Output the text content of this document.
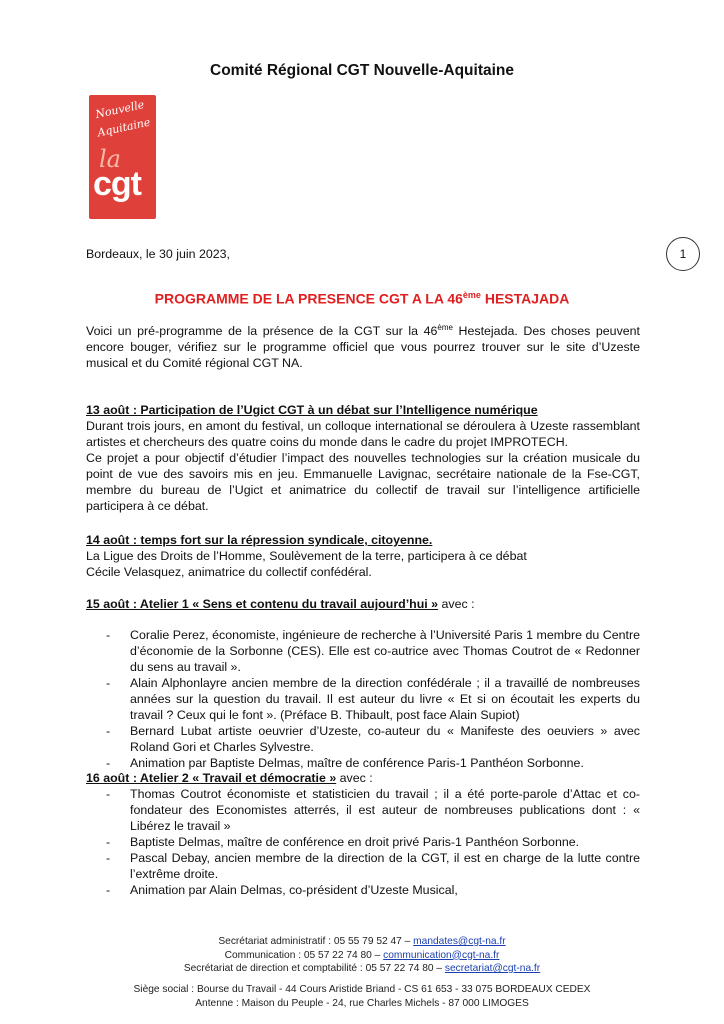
Comité Régional CGT Nouvelle-Aquitaine
Nouvelle
Aquitaine
la
cgt
1
Bordeaux, le 30 juin 2023,
PROGRAMME DE LA PRESENCE CGT A LA 46ème HESTAJADA
Voici un pré-programme de la présence de la CGT sur la 46ème Hestejada. Des choses peuvent encore bouger, vérifiez sur le programme officiel que vous pourrez trouver sur le site d’Uzeste musical et du Comité régional CGT NA.
13 août : Participation de l’Ugict CGT à un débat sur l’Intelligence numérique
Durant trois jours, en amont du festival, un colloque international se déroulera à Uzeste rassemblant artistes et chercheurs des quatre coins du monde dans le cadre du projet IMPROTECH.
Ce projet a pour objectif d’étudier l’impact des nouvelles technologies sur la création musicale du point de vue des savoirs mis en jeu. Emmanuelle Lavignac, secrétaire nationale de la Fse-CGT, membre du bureau de l’Ugict et animatrice du collectif de travail sur l’intelligence artificielle participera à ce débat.
14 août : temps fort sur la répression syndicale, citoyenne.
La Ligue des Droits de l’Homme, Soulèvement de la terre, participera à ce débat
Cécile Velasquez, animatrice du collectif confédéral.
15 août : Atelier 1 « Sens et contenu du travail aujourd’hui » avec :
- Coralie Perez, économiste, ingénieure de recherche à l’Université Paris 1 membre du Centre d’économie de la Sorbonne (CES). Elle est co-autrice avec Thomas Coutrot de « Redonner du sens au travail ».
- Alain Alphonlayre ancien membre de la direction confédérale ; il a travaillé de nombreuses années sur la question du travail. Il est auteur du livre « Et si on écoutait les experts du travail ? Ceux qui le font ». (Préface B. Thibault, post face Alain Supiot)
- Bernard Lubat artiste oeuvrier d’Uzeste, co-auteur du « Manifeste des oeuviers » avec Roland Gori et Charles Sylvestre.
- Animation par Baptiste Delmas, maître de conférence Paris-1 Panthéon Sorbonne.
16 août : Atelier 2 « Travail et démocratie » avec :
- Thomas Coutrot économiste et statisticien du travail ; il a été porte-parole d’Attac et co-fondateur des Economistes atterrés, il est auteur de nombreuses publications dont : « Libérez le travail »
- Baptiste Delmas, maître de conférence en droit privé Paris-1 Panthéon Sorbonne.
- Pascal Debay, ancien membre de la direction de la CGT, il est en charge de la lutte contre l’extrême droite.
- Animation par Alain Delmas, co-président d’Uzeste Musical,
Secrétariat administratif : 05 55 79 52 47 – mandates@cgt-na.fr
Communication : 05 57 22 74 80 – communication@cgt-na.fr
Secrétariat de direction et comptabilité : 05 57 22 74 80 – secretariat@cgt-na.fr
Siège social : Bourse du Travail - 44 Cours Aristide Briand - CS 61 653 - 33 075 BORDEAUX CEDEX
Antenne : Maison du Peuple - 24, rue Charles Michels - 87 000 LIMOGES
